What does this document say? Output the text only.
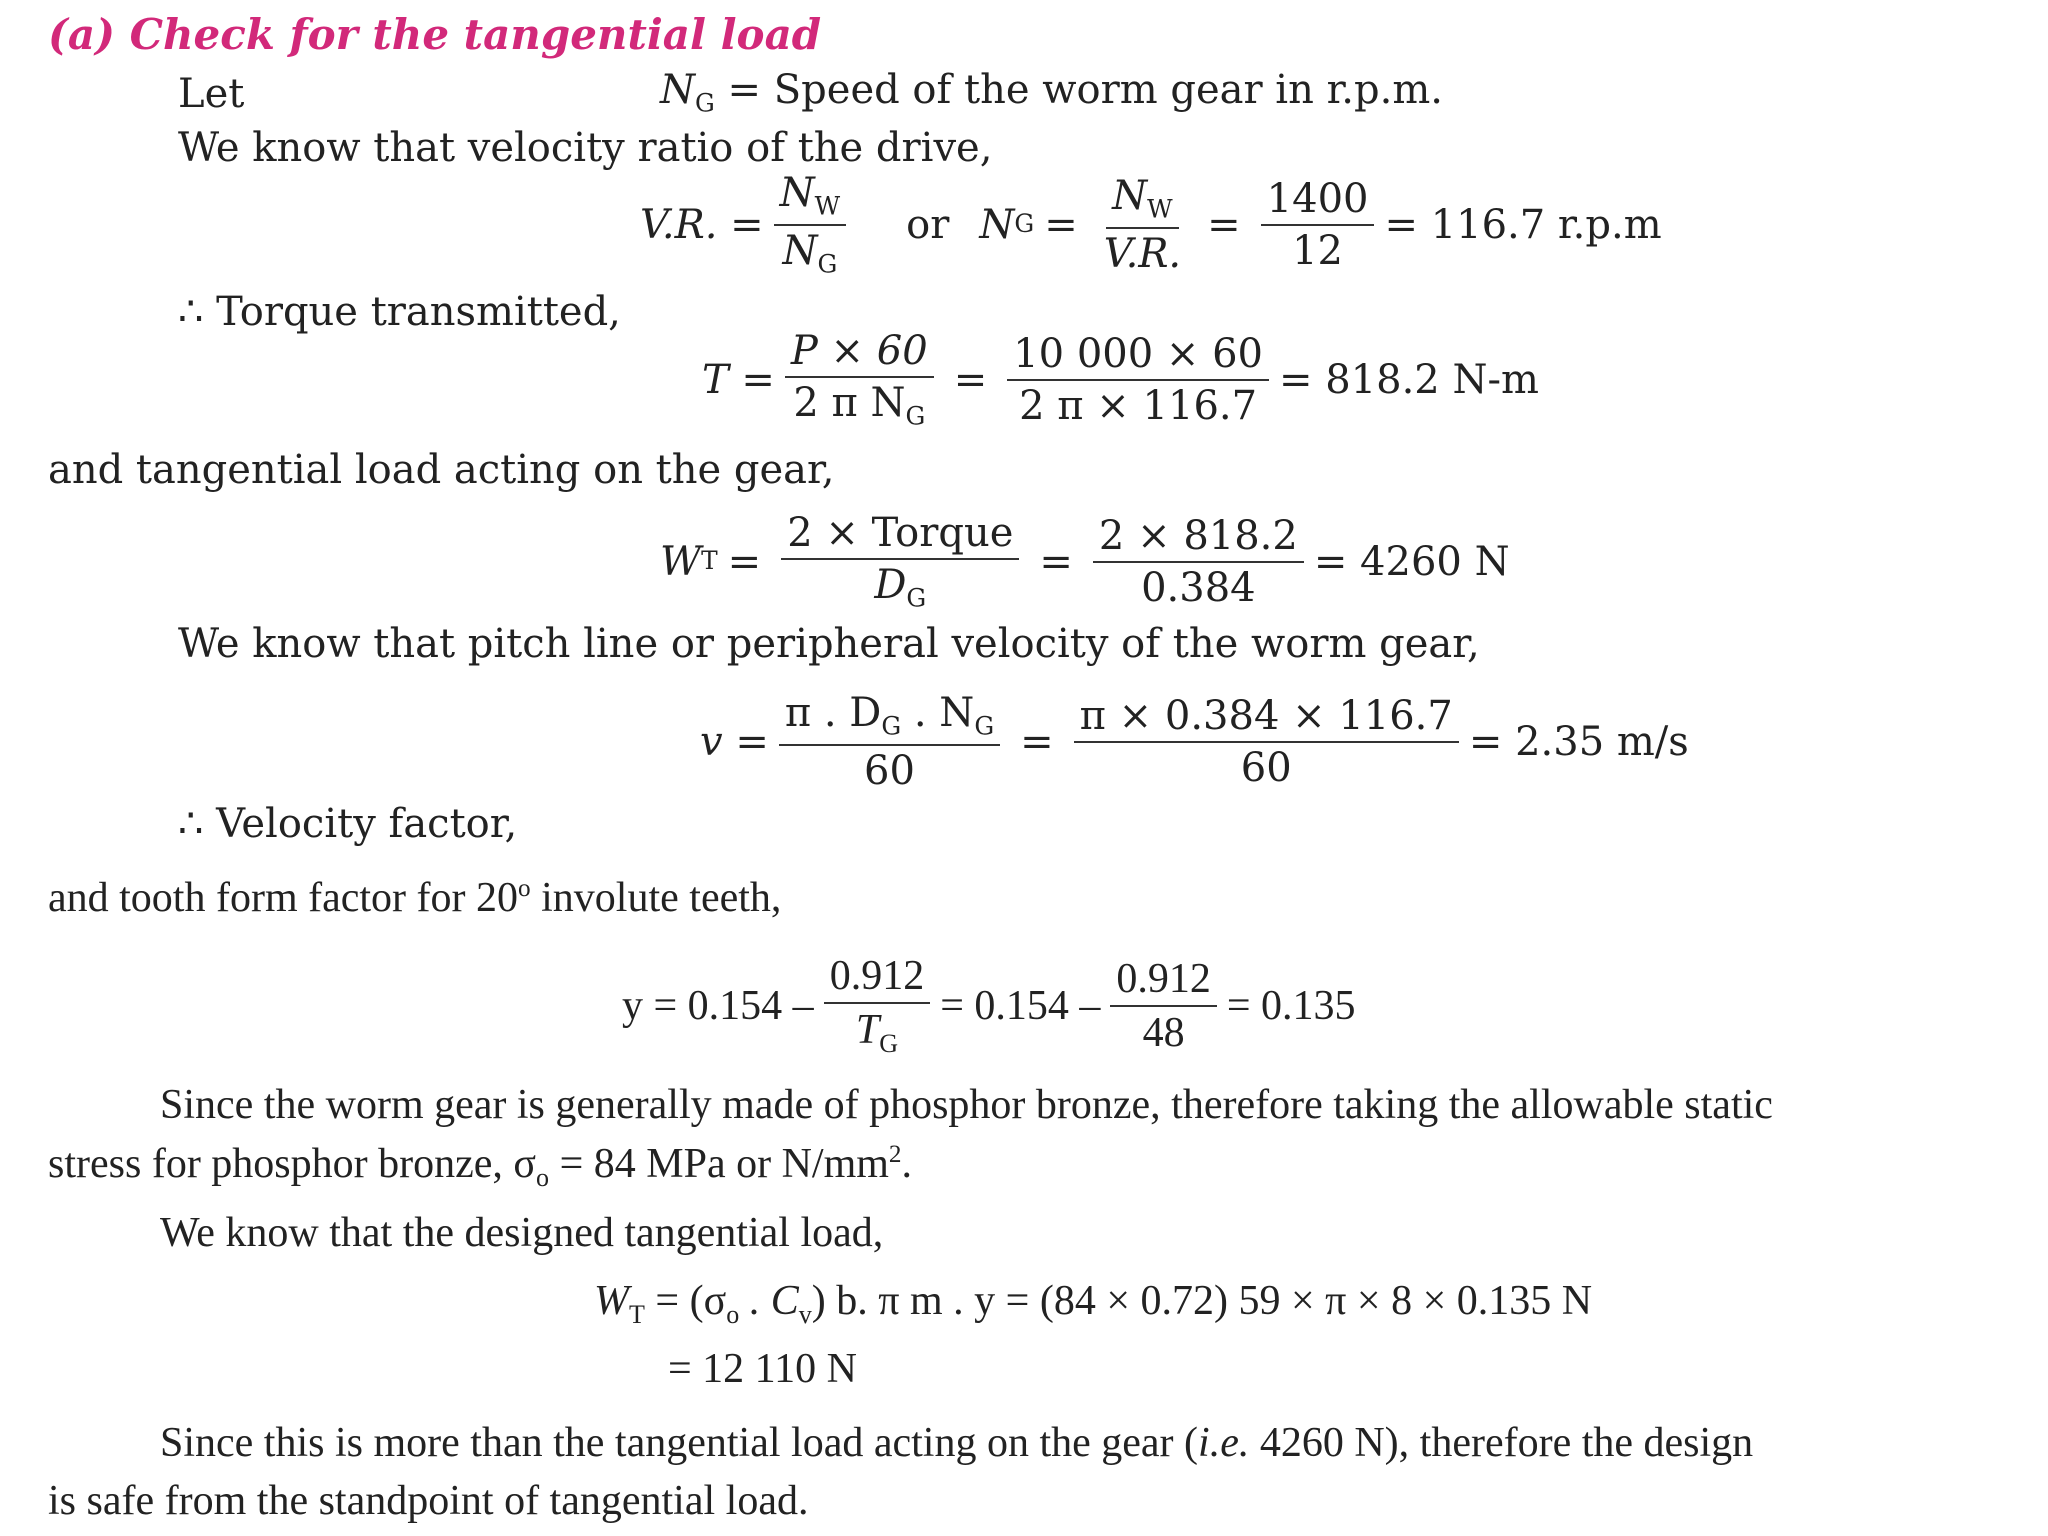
(a) Check for the tangential load
Let	$N_G$ = Speed of the worm gear in r.p.m.
We know that velocity ratio of the drive,
V.R. = $\frac{N_W}{N_G}$ or N $G = \frac{N_W}{V.R.} = \frac{1400}{12} = 116.7$ r.p.m
∴ Torque transmitted,
$T = \frac{P \times 60}{2 \pi N_G} = \frac{10 000 \times 60}{2 \pi \times 116.7} = 818.2$ N-m
and tangential load acting on the gear,
W $T = \frac{\text{2 × Torque}}{D_G} = \frac{2 \times 818.2}{0.384} = 4260$ N
We know that pitch line or peripheral velocity of the worm gear,
$v = \frac{\pi . D_G . N_G}{60} = \frac{\pi \times 0.384 \times 116.7}{60} = 2.35$ m/s
∴ Velocity factor,
and tooth form factor for 20$^o$ involute teeth,
$y = 0.154 - \frac{0.912}{T_G} = 0.154 - \frac{0.912}{48} = 0.135$
Since the worm gear is generally made of phosphor bronze, therefore taking the allowable static
stress for phosphor bronze, $\sigma_o = 84$ MPa or $N/mm^2$.
We know that the designed tangential load,
$W_T = (\sigma_o$ . $C_v$) b. π m . y = (84 × 0.72) 59 × π × 8 × 0.135 N
= 12 110 N
Since this is more than the tangential load acting on the gear (i.e. 4260 N), therefore the design
is safe from the standpoint of tangential load.
